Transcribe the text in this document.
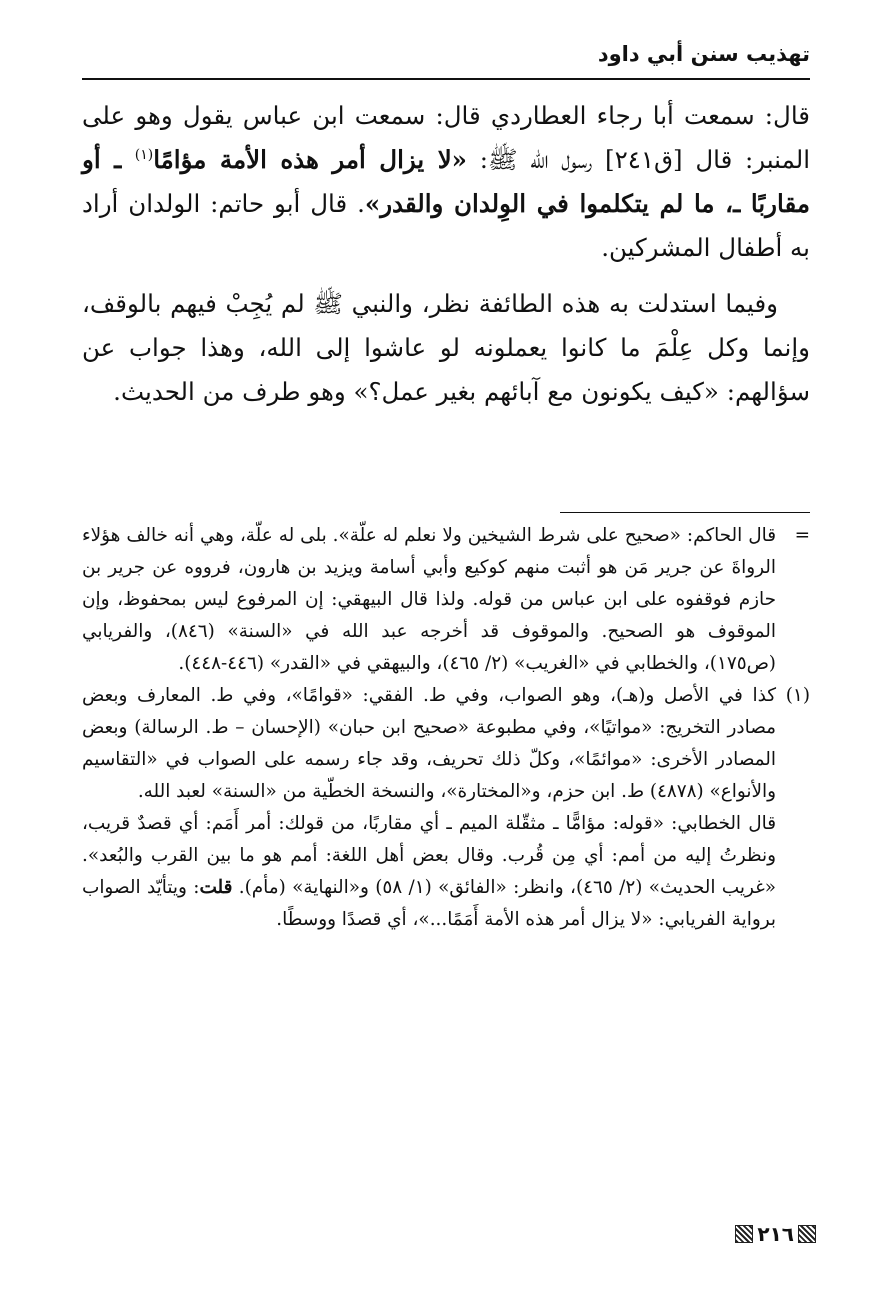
تهذيب سنن أبي داود

قال: سمعت أبا رجاء العطاردي قال: سمعت ابن عباس يقول وهو على المنبر: قال [ق٢٤١] رسول الله ﷺ: «لا يزال أمر هذه الأمة مؤامًا$^{(١)}$ ـ أو مقاربًا ـ، ما لم يتكلموا في الوِلدان والقدر». قال أبو حاتم: الولدان أراد به أطفال المشركين.

وفيما استدلت به هذه الطائفة نظر، والنبي ﷺ لم يُجِبْ فيهم بالوقف، وإنما وكل عِلْمَ ما كانوا يعملونه لو عاشوا إلى الله، وهذا جواب عن سؤالهم: «كيف يكونون مع آبائهم بغير عمل؟» وهو طرف من الحديث.

=

قال الحاكم: «صحيح على شرط الشيخين ولا نعلم له علّة». بلى له علّة، وهي أنه خالف هؤلاء الرواةَ عن جرير مَن هو أثبت منهم كوكيع وأبي أسامة ويزيد بن هارون، فرووه عن جرير بن حازم فوقفوه على ابن عباس من قوله. ولذا قال البيهقي: إن المرفوع ليس بمحفوظ، وإن الموقوف هو الصحيح. والموقوف قد أخرجه عبد الله في «السنة» (٨٤٦)، والفريابي (ص١٧٥)، والخطابي في «الغريب» (٢/ ٤٦٥)، والبيهقي في «القدر» (٤٤٦-٤٤٨).

(١)

كذا في الأصل و(هـ)، وهو الصواب، وفي ط. الفقي: «قوامًا»، وفي ط. المعارف وبعض مصادر التخريج: «مواتيًا»، وفي مطبوعة «صحيح ابن حبان» (الإحسان – ط. الرسالة) وبعض المصادر الأخرى: «موائمًا»، وكلّ ذلك تحريف، وقد جاء رسمه على الصواب في «التقاسيم والأنواع» (٤٨٧٨) ط. ابن حزم، و«المختارة»، والنسخة الخطّية من «السنة» لعبد الله.

قال الخطابي: «قوله: مؤامًّا ـ مثقّلة الميم ـ أي مقاربًا، من قولك: أمر أَمَم: أي قصدٌ قريب، ونظرتُ إليه من أمم: أي مِن قُرب. وقال بعض أهل اللغة: أمم هو ما بين القرب والبُعد». «غريب الحديث» (٢/ ٤٦٥)، وانظر: «الفائق» (١/ ٥٨) و«النهاية» (مأم). قلت: ويتأيّد الصواب برواية الفريابي: «لا يزال أمر هذه الأمة أَمَمًا...»، أي قصدًا ووسطًا.

٢١٦
